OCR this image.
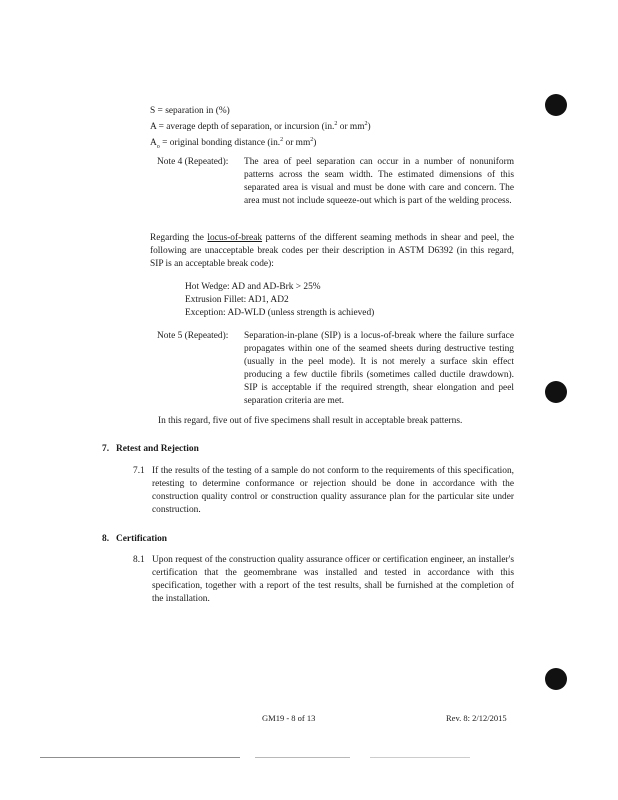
S = separation in (%)

A = average depth of separation, or incursion (in.$^2$ or $mm^2$)

$A_o$ = original bonding distance (in.$^2$ or $mm^2$)

Note 4 (Repeated): The area of peel separation can occur in a number of nonuniform patterns across the seam width. The estimated dimensions of this separated area is visual and must be done with care and concern. The area must not include squeeze-out which is part of the welding process.

Regarding the locus-of-break patterns of the different seaming methods in shear and peel, the following are unacceptable break codes per their description in ASTM D6392 (in this regard, SIP is an acceptable break code):

Hot Wedge: AD and AD-Brk > 25%

Extrusion Fillet: AD1, AD2

Exception: AD-WLD (unless strength is achieved)

Note 5 (Repeated): Separation-in-plane (SIP) is a locus-of-break where the failure surface propagates within one of the seamed sheets during destructive testing (usually in the peel mode). It is not merely a surface skin effect producing a few ductile fibrils (sometimes called ductile drawdown). SIP is acceptable if the required strength, shear elongation and peel separation criteria are met.

In this regard, five out of five specimens shall result in acceptable break patterns.

7. Retest and Rejection
7.1 If the results of the testing of a sample do not conform to the requirements of this specification, retesting to determine conformance or rejection should be done in accordance with the construction quality control or construction quality assurance plan for the particular site under construction.

8. Certification
8.1 Upon request of the construction quality assurance officer or certification engineer, an installer's certification that the geomembrane was installed and tested in accordance with this specification, together with a report of the test results, shall be furnished at the completion of the installation.

GM19 - 8 of 13	Rev. 8: 2/12/2015
